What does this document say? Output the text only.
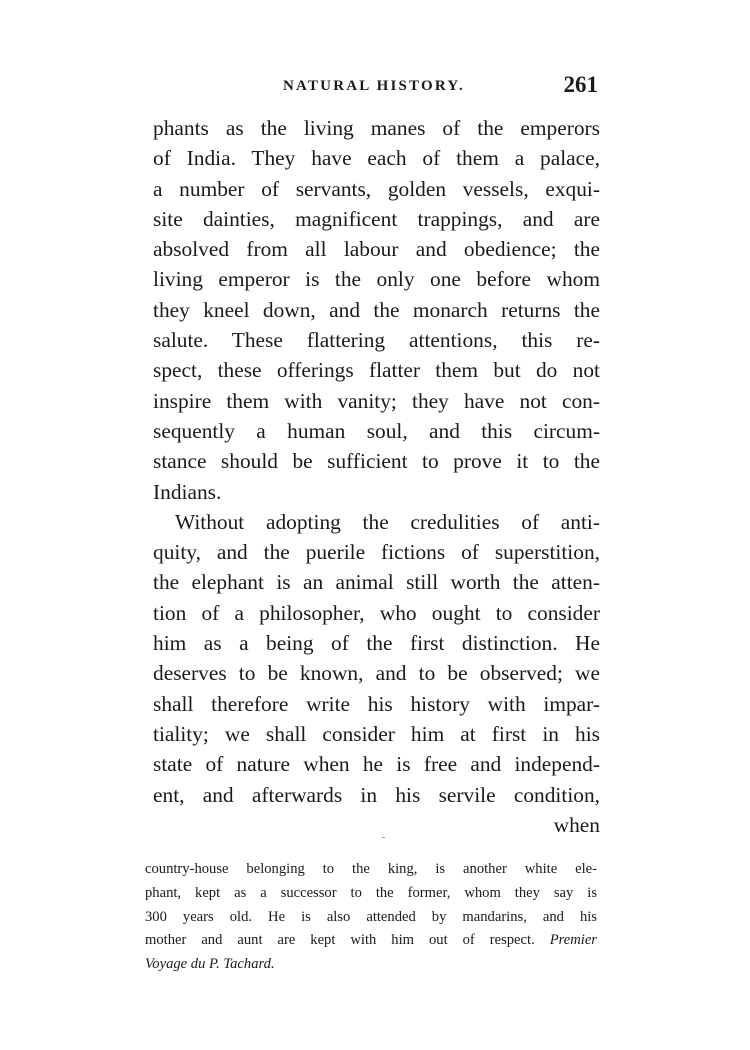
NATURAL HISTORY.	261
phants as the living manes of the emperors
of India. They have each of them a palace,
a number of servants, golden vessels, exqui-
site dainties, magnificent trappings, and are
absolved from all labour and obedience; the
living emperor is the only one before whom
they kneel down, and the monarch returns the
salute. These flattering attentions, this re-
spect, these offerings flatter them but do not
inspire them with vanity; they have not con-
sequently a human soul, and this circum-
stance should be sufficient to prove it to the
Indians.
Without adopting the credulities of anti-
quity, and the puerile fictions of superstition,
the elephant is an animal still worth the atten-
tion of a philosopher, who ought to consider
him as a being of the first distinction. He
deserves to be known, and to be observed; we
shall therefore write his history with impar-
tiality; we shall consider him at first in his
state of nature when he is free and independ-
ent, and afterwards in his servile condition,
when
country-house belonging to the king, is another white ele-
phant, kept as a successor to the former, whom they say is
300 years old. He is also attended by mandarins, and his
mother and aunt are kept with him out of respect. Premier
Voyage du P. Tachard.
